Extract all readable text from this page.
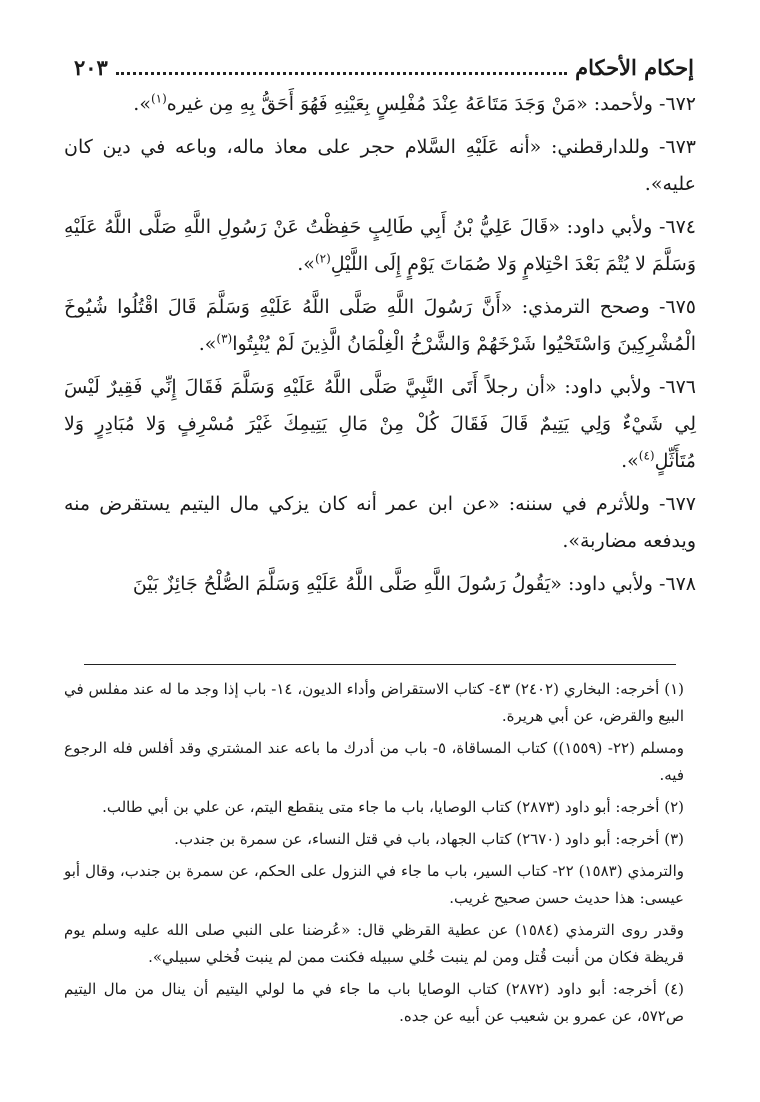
إحكام الأحكام
٢٠٣

٦٧٢- ولأحمد: «مَنْ وَجَدَ مَتَاعَهُ عِنْدَ مُفْلِسٍ بِعَيْنِهِ فَهُوَ أَحَقُّ بِهِ مِن غيره$^{(١)}$».

٦٧٣- وللدارقطني: «أنه عَلَيْهِ السَّلام حجر على معاذ ماله، وباعه في دين كان عليه».

٦٧٤- ولأبي داود: «قَالَ عَلِيُّ بْنُ أَبِي طَالِبٍ حَفِظْتُ عَنْ رَسُولِ اللَّهِ صَلَّى اللَّهُ عَلَيْهِ وَسَلَّمَ لا يُتْمَ بَعْدَ احْتِلامٍ وَلا صُمَاتَ يَوْمٍ إِلَى اللَّيْلِ$^{(٢)}$».

٦٧٥- وصحح الترمذي: «أَنَّ رَسُولَ اللَّهِ صَلَّى اللَّهُ عَلَيْهِ وَسَلَّمَ قَالَ اقْتُلُوا شُيُوخَ الْمُشْرِكِينَ وَاسْتَحْيُوا شَرْخَهُمْ وَالشَّرْخُ الْغِلْمَانُ الَّذِينَ لَمْ يُنْبِتُوا$^{(٣)}$».

٦٧٦- ولأبي داود: «أن رجلاً أَتَى النَّبِيَّ صَلَّى اللَّهُ عَلَيْهِ وَسَلَّمَ فَقَالَ إِنِّي فَقِيرٌ لَيْسَ لِي شَيْءٌ وَلِي يَتِيمٌ قَالَ فَقَالَ كُلْ مِنْ مَالِ يَتِيمِكَ غَيْرَ مُسْرِفٍ وَلا مُبَادِرٍ وَلا مُتَأَثِّلٍ$^{(٤)}$».

٦٧٧- وللأثرم في سننه: «عن ابن عمر أنه كان يزكي مال اليتيم يستقرض منه ويدفعه مضاربة».

٦٧٨- ولأبي داود: «يَقُولُ رَسُولَ اللَّهِ صَلَّى اللَّهُ عَلَيْهِ وَسَلَّمَ الصُّلْحُ جَائِزٌ بَيْنَ

(١) أخرجه: البخاري (٢٤٠٢) ٤٣- كتاب الاستقراض وأداء الديون، ١٤- باب إذا وجد ما له عند مفلس في البيع والقرض، عن أبي هريرة.

ومسلم (٢٢- (١٥٥٩)) كتاب المساقاة، ٥- باب من أدرك ما باعه عند المشتري وقد أفلس فله الرجوع فيه.

(٢) أخرجه: أبو داود (٢٨٧٣) كتاب الوصايا، باب ما جاء متى ينقطع اليتم، عن علي بن أبي طالب.

(٣) أخرجه: أبو داود (٢٦٧٠) كتاب الجهاد، باب في قتل النساء، عن سمرة بن جندب.

والترمذي (١٥٨٣) ٢٢- كتاب السير، باب ما جاء في النزول على الحكم، عن سمرة بن جندب، وقال أبو عيسى: هذا حديث حسن صحيح غريب.

وقدر روى الترمذي (١٥٨٤) عن عطية القرظي قال: «عُرضنا على النبي صلى الله عليه وسلم يوم قريظة فكان من أنبت قُتل ومن لم ينبت خُلي سبيله فكنت ممن لم ينبت فُخلي سبيلي».

(٤) أخرجه: أبو داود (٢٨٧٢) كتاب الوصايا باب ما جاء في ما لولي اليتيم أن ينال من مال اليتيم ص٥٧٢، عن عمرو بن شعيب عن أبيه عن جده.
